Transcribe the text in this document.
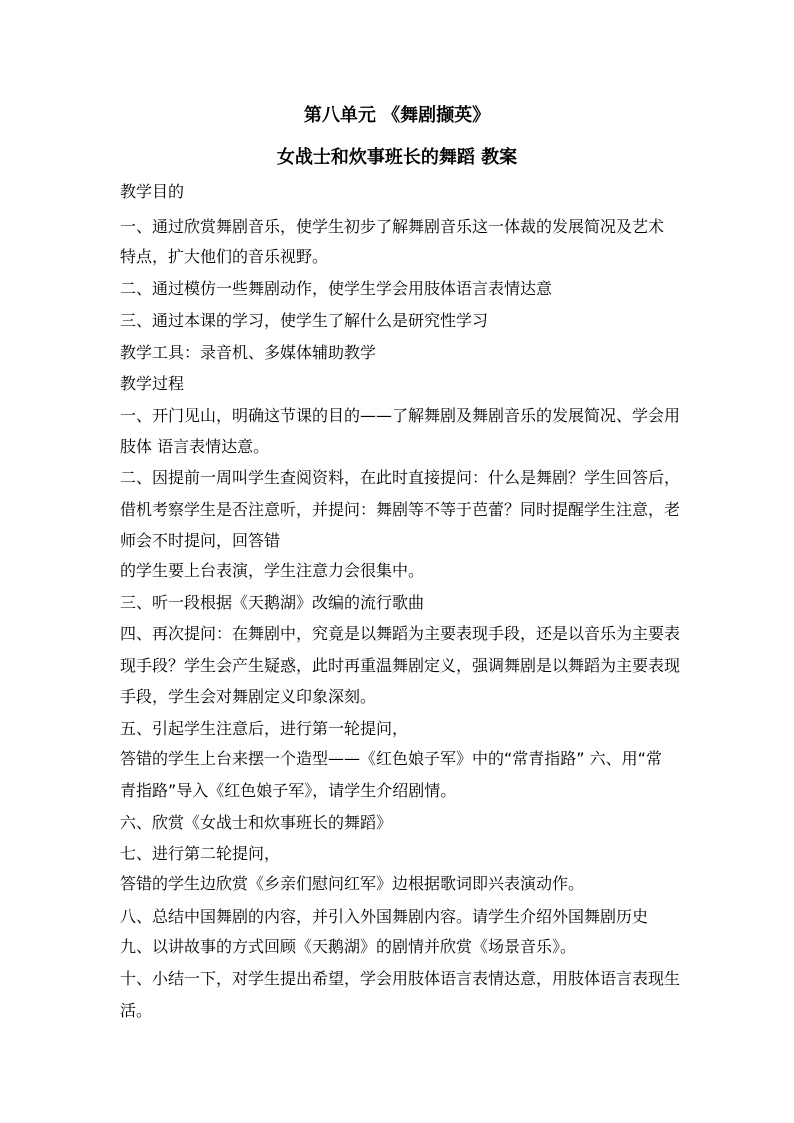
第八单元 《舞剧撷英》
女战士和炊事班长的舞蹈 教案
教学目的
一、通过欣赏舞剧音乐，使学生初步了解舞剧音乐这一体裁的发展简况及艺术
特点，扩大他们的音乐视野。
二、通过模仿一些舞剧动作，使学生学会用肢体语言表情达意
三、通过本课的学习，使学生了解什么是研究性学习
教学工具：录音机、多媒体辅助教学
教学过程
一、开门见山，明确这节课的目的——了解舞剧及舞剧音乐的发展简况、学会用
肢体 语言表情达意。
二、因提前一周叫学生查阅资料，在此时直接提问：什么是舞剧？学生回答后，
借机考察学生是否注意听，并提问：舞剧等不等于芭蕾？同时提醒学生注意，老
师会不时提问，回答错
的学生要上台表演，学生注意力会很集中。
三、听一段根据《天鹅湖》改编的流行歌曲
四、再次提问：在舞剧中，究竟是以舞蹈为主要表现手段，还是以音乐为主要表
现手段？学生会产生疑惑，此时再重温舞剧定义，强调舞剧是以舞蹈为主要表现
手段，学生会对舞剧定义印象深刻。
五、引起学生注意后，进行第一轮提问，
答错的学生上台来摆一个造型——《红色娘子军》中的“常青指路” 六、用“常
青指路”导入《红色娘子军》，请学生介绍剧情。
六、欣赏《女战士和炊事班长的舞蹈》
七、进行第二轮提问，
答错的学生边欣赏《乡亲们慰问红军》边根据歌词即兴表演动作。
八、总结中国舞剧的内容，并引入外国舞剧内容。请学生介绍外国舞剧历史
九、以讲故事的方式回顾《天鹅湖》的剧情并欣赏《场景音乐》。
十、小结一下，对学生提出希望，学会用肢体语言表情达意，用肢体语言表现生
活。
